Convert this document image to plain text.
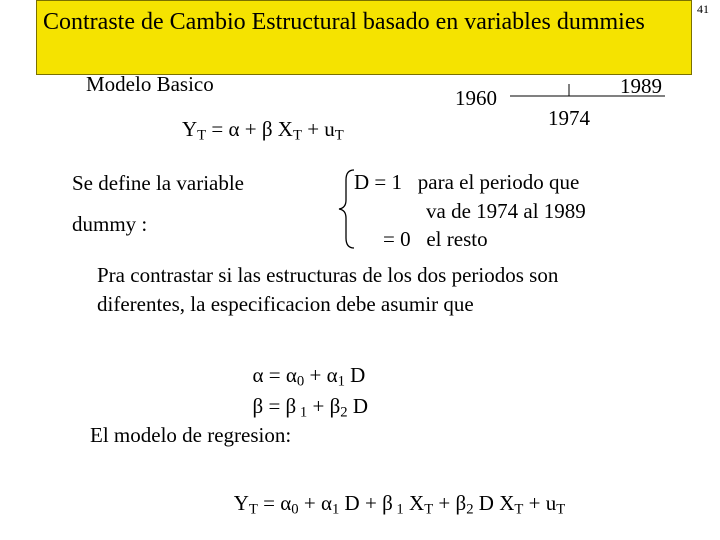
Contraste de Cambio Estructural basado en variables dummies	41
Modelo Basico
1960	1989
1974
$Y_T = \alpha + \beta$ $X_T + u_T$
Se define la variable
dummy :
D = 1   para el periodo que
va de 1974 al 1989
= 0   el resto
Pra contrastar si las estructuras de los dos periodos son
diferentes, la especificacion debe asumir que

$\alpha = \alpha_0 + \alpha_1$ D

β = β $_1 + \beta_2$ D

El modelo de regresion:

$Y_T = \alpha_0 + \alpha_1$ D + β $_1$ $X_T + \beta_2$ D $X_T + u_T$
